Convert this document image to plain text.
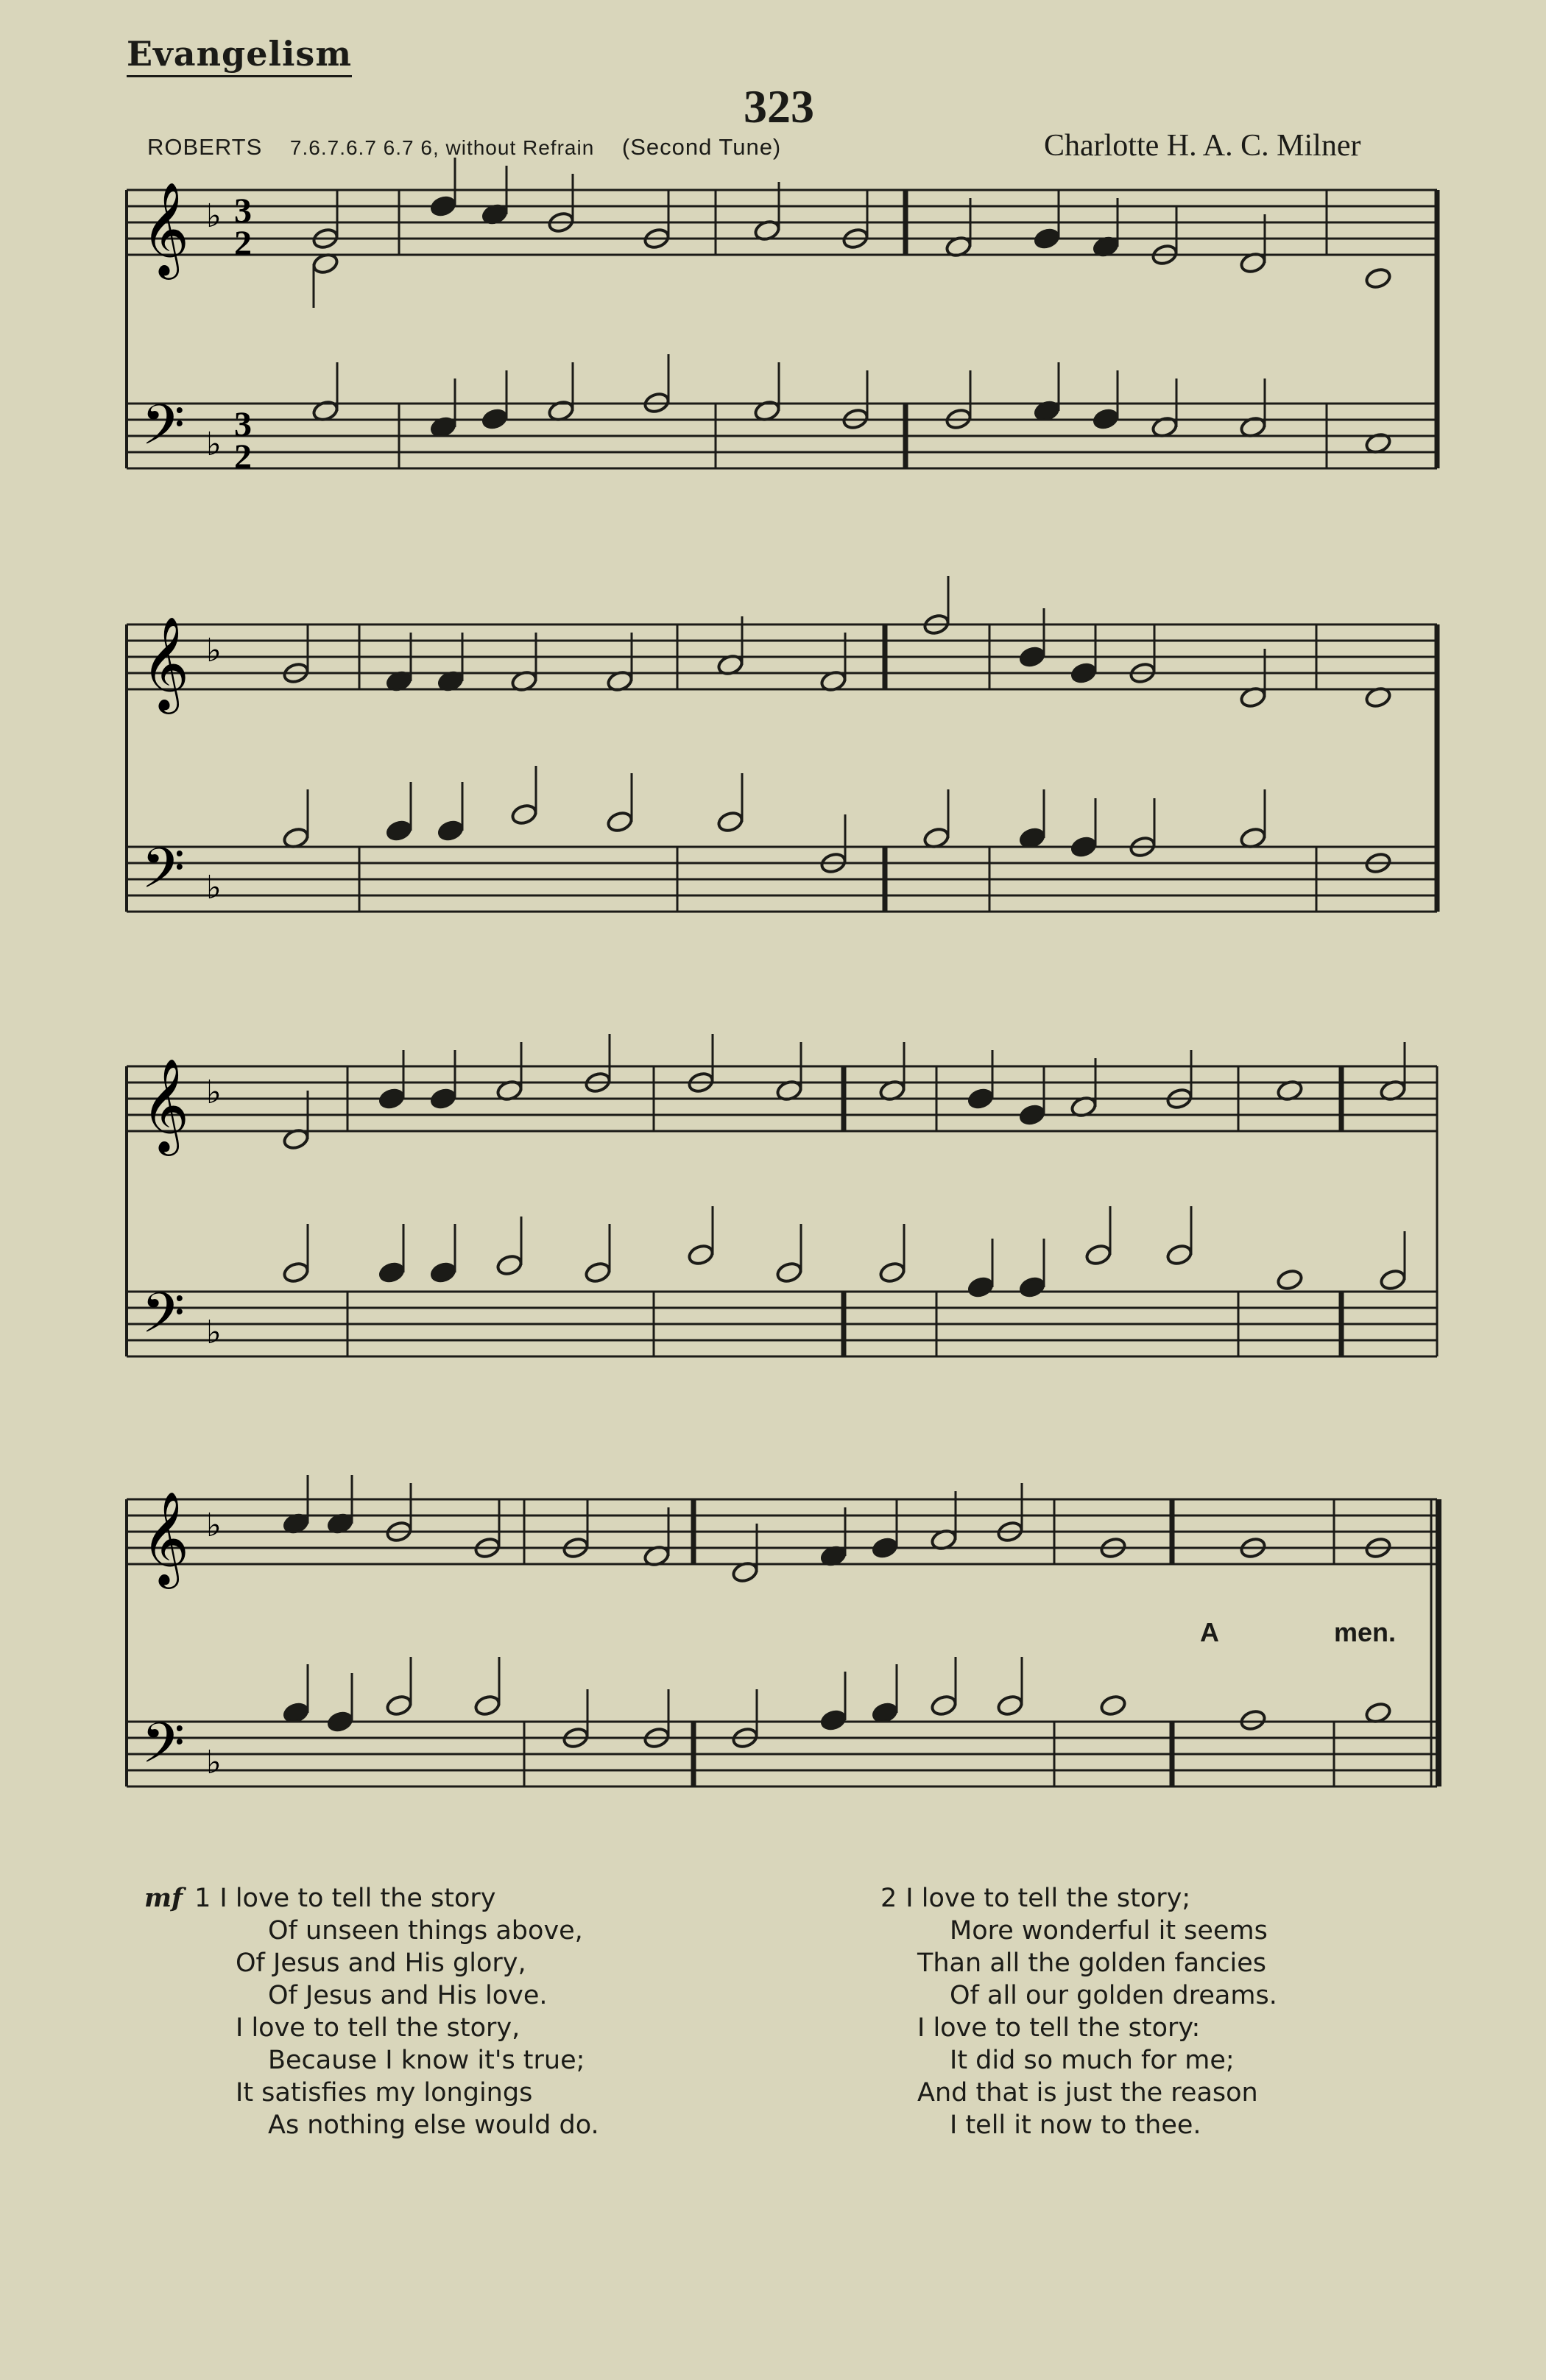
Evangelism
323
ROBERTS 7.6.7.6.7 6.7 6, without Refrain (Second Tune)	Charlotte H. A. C. Milner
𝄞
𝄢
♭
♭
3
2
3
2
𝄞
𝄢
♭
♭
𝄞
𝄢
♭
♭
𝄞
𝄢
♭
♭
A	men.
mf 1 I love to tell the story
Of unseen things above,
Of Jesus and His glory,
Of Jesus and His love.
I love to tell the story,
Because I know it's true;
It satisfies my longings
As nothing else would do.
2 I love to tell the story;
More wonderful it seems
Than all the golden fancies
Of all our golden dreams.
I love to tell the story:
It did so much for me;
And that is just the reason
I tell it now to thee.
